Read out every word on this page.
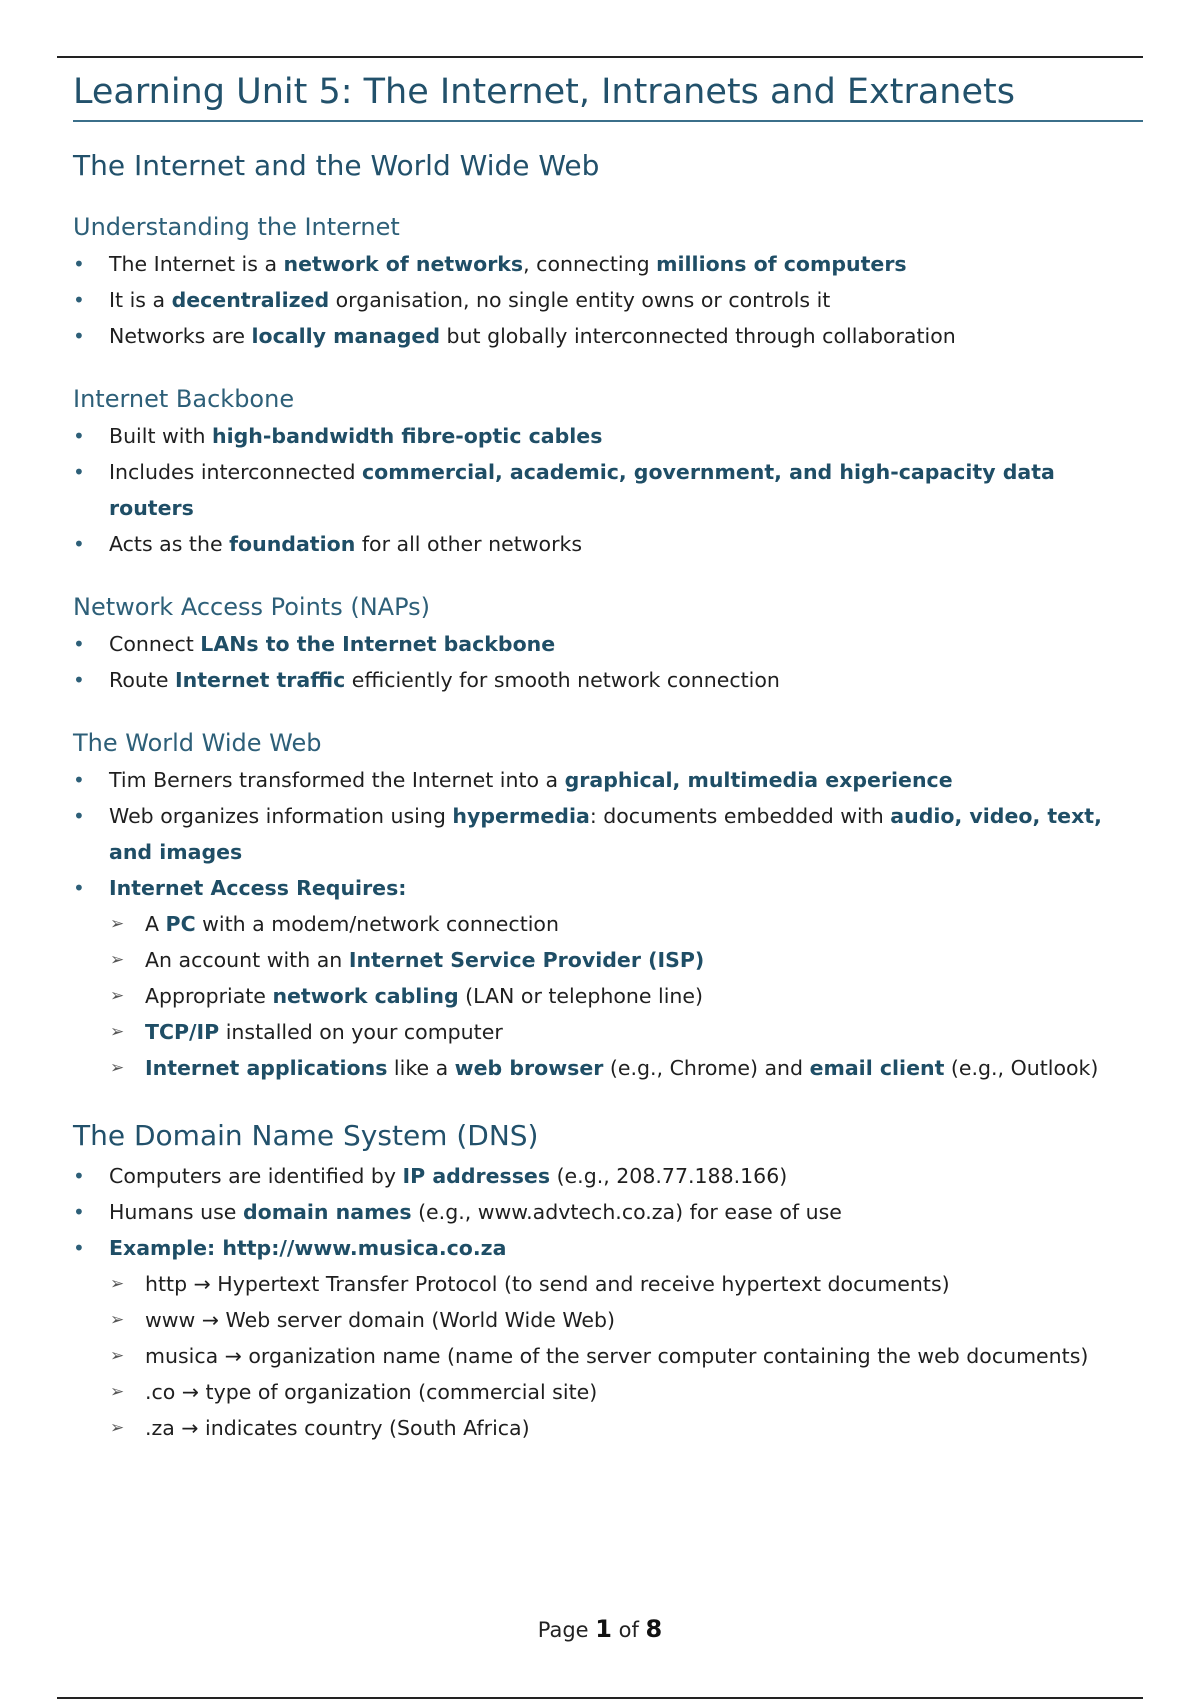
Learning Unit 5: The Internet, Intranets and Extranets
The Internet and the World Wide Web
Understanding the Internet
• The Internet is a network of networks, connecting millions of computers
• It is a decentralized organisation, no single entity owns or controls it
• Networks are locally managed but globally interconnected through collaboration
Internet Backbone
• Built with high-bandwidth fibre-optic cables
• Includes interconnected commercial, academic, government, and high-capacity data routers
• Acts as the foundation for all other networks
Network Access Points (NAPs)
• Connect LANs to the Internet backbone
• Route Internet traffic efficiently for smooth network connection
The World Wide Web
• Tim Berners transformed the Internet into a graphical, multimedia experience
• Web organizes information using hypermedia: documents embedded with audio, video, text, and images
• Internet Access Requires:
➢ A PC with a modem/network connection
➢ An account with an Internet Service Provider (ISP)
➢ Appropriate network cabling (LAN or telephone line)
➢ TCP/IP installed on your computer
➢ Internet applications like a web browser (e.g., Chrome) and email client (e.g., Outlook)
The Domain Name System (DNS)
• Computers are identified by IP addresses (e.g., 208.77.188.166)
• Humans use domain names (e.g., www.advtech.co.za) for ease of use
• Example: http://www.musica.co.za
➢ http → Hypertext Transfer Protocol (to send and receive hypertext documents)
➢ www → Web server domain (World Wide Web)
➢ musica → organization name (name of the server computer containing the web documents)
➢ .co → type of organization (commercial site)
➢ .za → indicates country (South Africa)
Page 1 of 8
